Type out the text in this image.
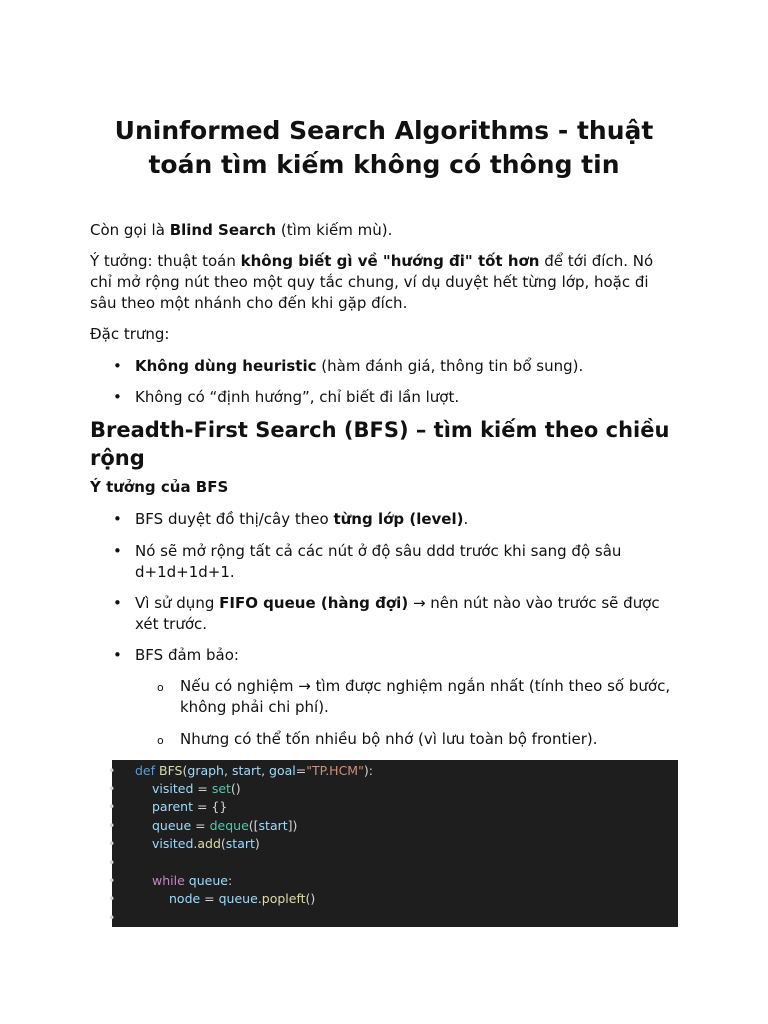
Uninformed Search Algorithms - thuật toán tìm kiếm không có thông tin

Còn gọi là Blind Search (tìm kiếm mù).

Ý tưởng: thuật toán không biết gì về "hướng đi" tốt hơn để tới đích. Nó chỉ mở rộng nút theo một quy tắc chung, ví dụ duyệt hết từng lớp, hoặc đi sâu theo một nhánh cho đến khi gặp đích.

Đặc trưng:

• Không dùng heuristic (hàm đánh giá, thông tin bổ sung).
• Không có “định hướng”, chỉ biết đi lần lượt.
Breadth-First Search (BFS) – tìm kiếm theo chiều rộng
Ý tưởng của BFS
• BFS duyệt đồ thị/cây theo từng lớp (level).
• Nó sẽ mở rộng tất cả các nút ở độ sâu ddd trước khi sang độ sâu d+1d+1d+1.
• Vì sử dụng FIFO queue (hàng đợi) → nên nút nào vào trước sẽ được xét trước.
• BFS đảm bảo:
o Nếu có nghiệm → tìm được nghiệm ngắn nhất (tính theo số bước, không phải chi phí).
o Nhưng có thể tốn nhiều bộ nhớ (vì lưu toàn bộ frontier).
• def BFS(graph, start, goal="TP.HCM"):
•	visited = set()
•	parent = {}
•	queue = deque([start])
•	visited.add(start)
•
•	while queue:
•	node = queue.popleft()
•
